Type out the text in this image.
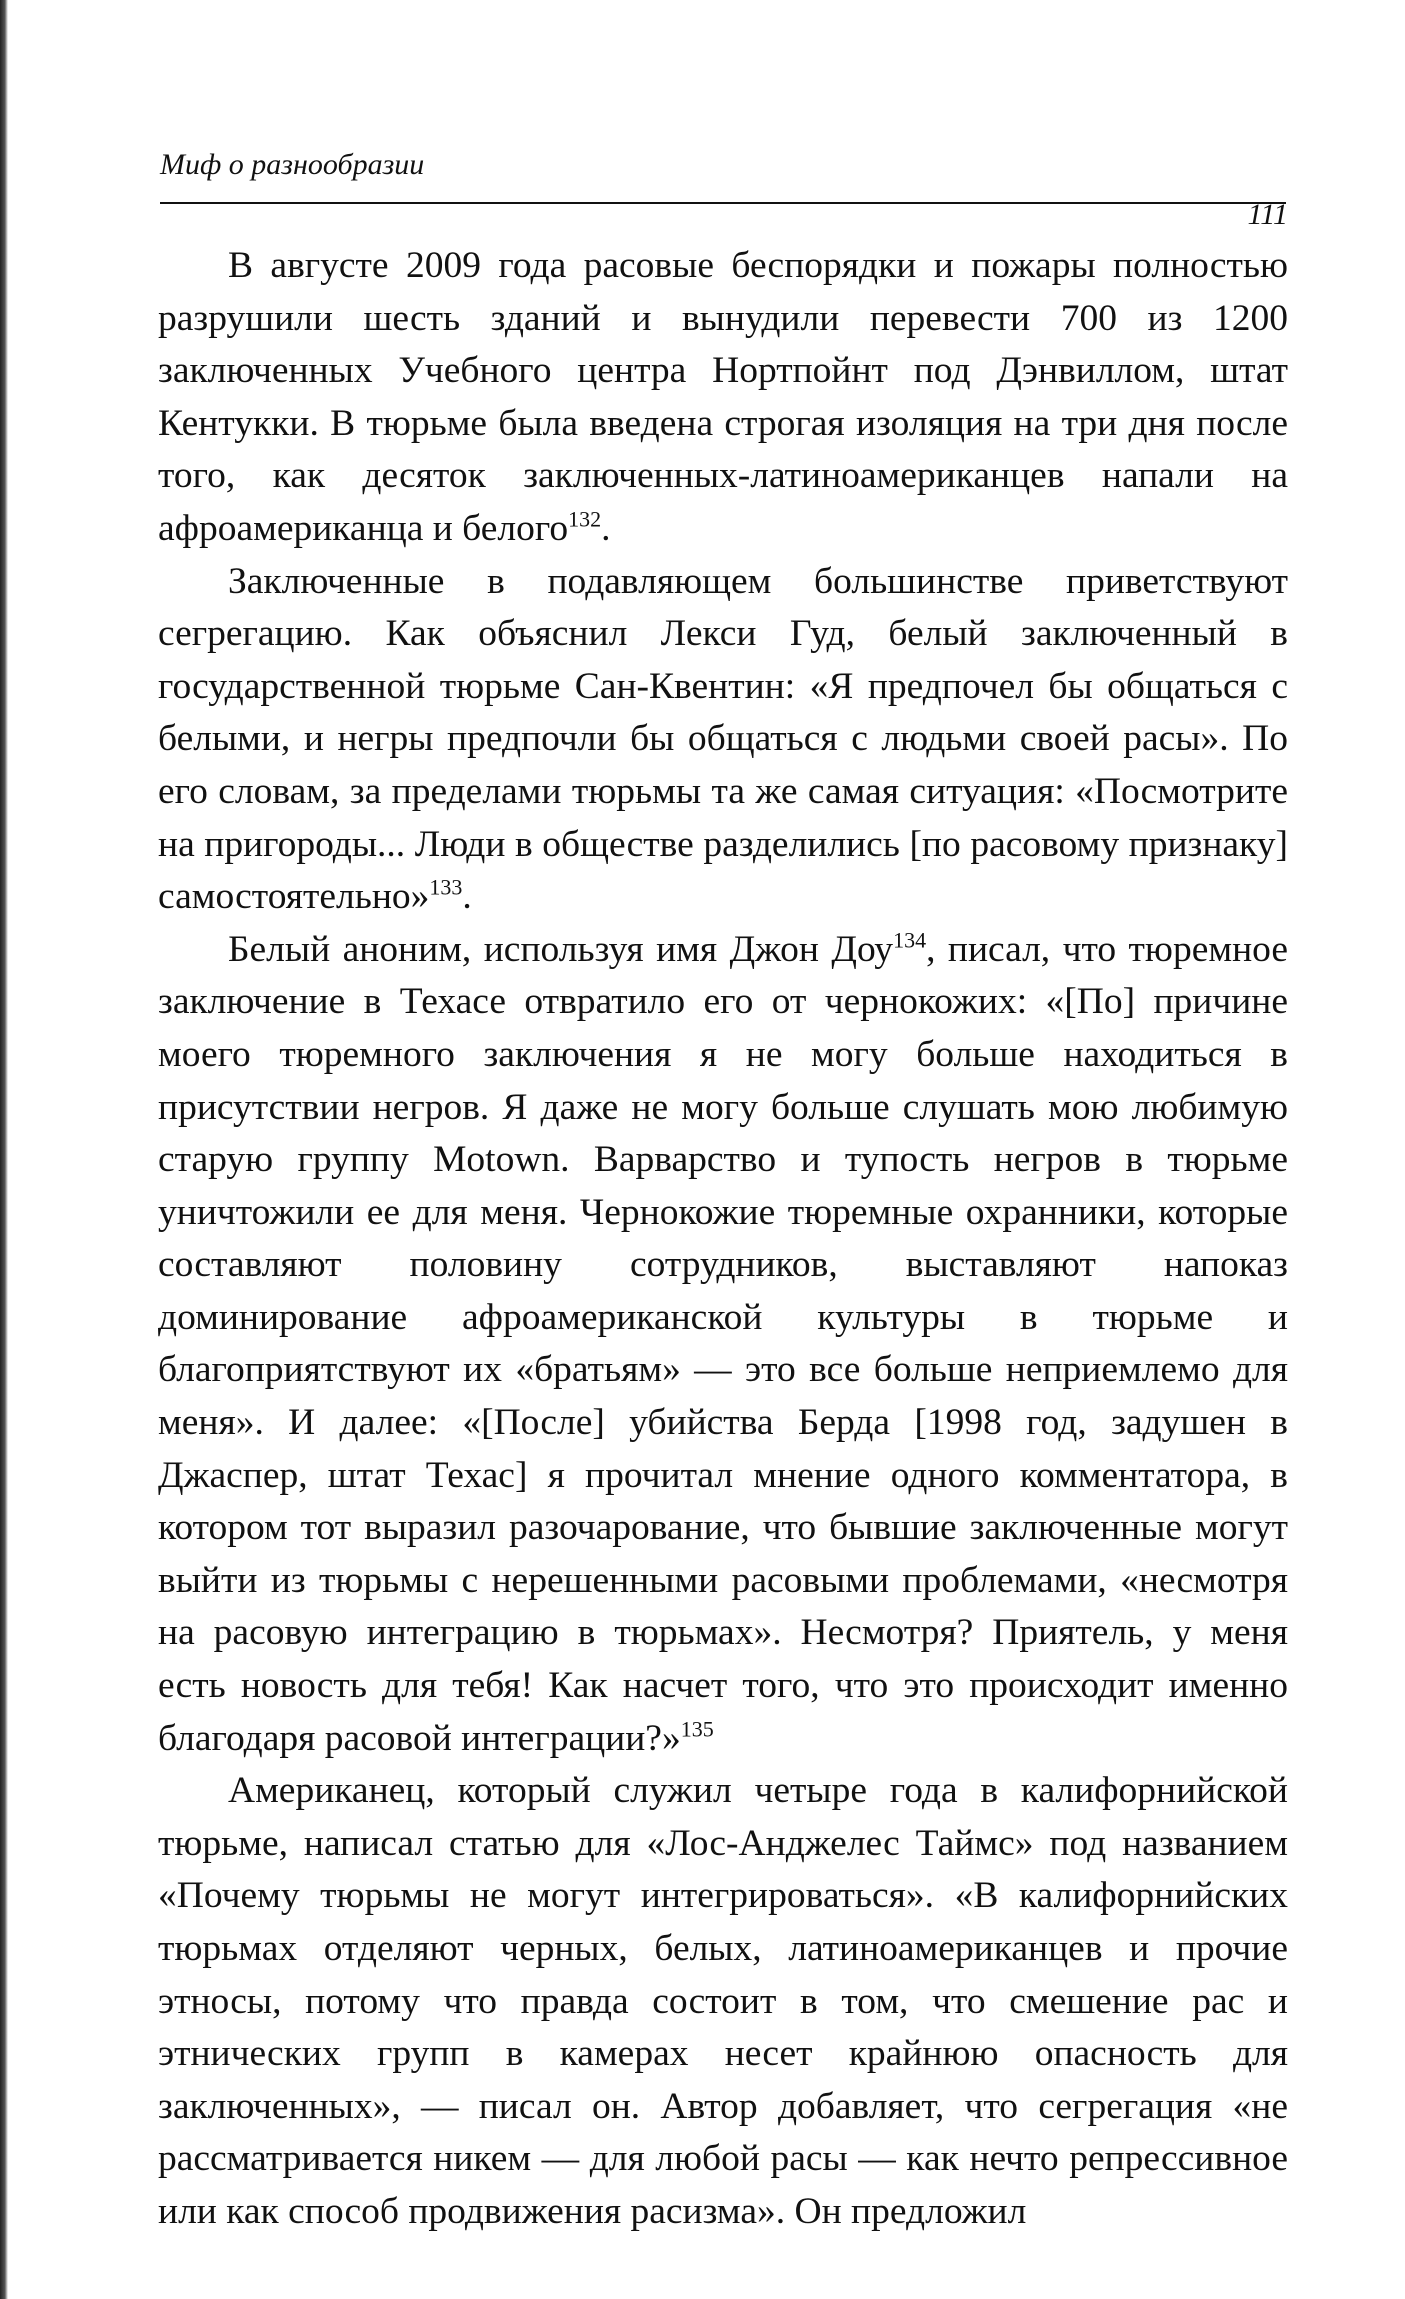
Миф о разнообразии
111

В августе 2009 года расовые беспорядки и пожары полностью разрушили шесть зданий и вынудили перевести 700 из 1200 заключенных Учебного центра Нортпойнт под Дэнвиллом, штат Кентукки. В тюрьме была введена строгая изоляция на три дня после того, как десяток заключенных-латиноамериканцев напали на афроамериканца и белого$^{132}$.

Заключенные в подавляющем большинстве приветствуют сегрегацию. Как объяснил Лекси Гуд, белый заключенный в государственной тюрьме Сан-Квентин: «Я предпочел бы общаться с белыми, и негры предпочли бы общаться с людьми своей расы». По его словам, за пределами тюрьмы та же самая ситуация: «Посмотрите на пригороды... Люди в обществе разделились [по расовому признаку] самостоятельно»$^{133}$.

Белый аноним, используя имя Джон Доу$^{134}$, писал, что тюремное заключение в Техасе отвратило его от чернокожих: «[По] причине моего тюремного заключения я не могу больше находиться в присутствии негров. Я даже не могу больше слушать мою любимую старую группу Motown. Варварство и тупость негров в тюрьме уничтожили ее для меня. Чернокожие тюремные охранники, которые составляют половину сотрудников, выставляют напоказ доминирование афроамериканской культуры в тюрьме и благоприятствуют их «братьям» — это все больше неприемлемо для меня». И далее: «[После] убийства Берда [1998 год, задушен в Джаспер, штат Техас] я прочитал мнение одного комментатора, в котором тот выразил разочарование, что бывшие заключенные могут выйти из тюрьмы с нерешенными расовыми проблемами, «несмотря на расовую интеграцию в тюрьмах». Несмотря? Приятель, у меня есть новость для тебя! Как насчет того, что это происходит именно благодаря расовой интеграции?»$^{135}$

Американец, который служил четыре года в калифорнийской тюрьме, написал статью для «Лос-Анджелес Таймс» под названием «Почему тюрьмы не могут интегрироваться». «В калифорнийских тюрьмах отделяют черных, белых, латиноамериканцев и прочие этносы, потому что правда состоит в том, что смешение рас и этнических групп в камерах несет крайнюю опасность для заключенных», — писал он. Автор добавляет, что сегрегация «не рассматривается никем — для любой расы — как нечто репрессивное или как способ продвижения расизма». Он предложил
